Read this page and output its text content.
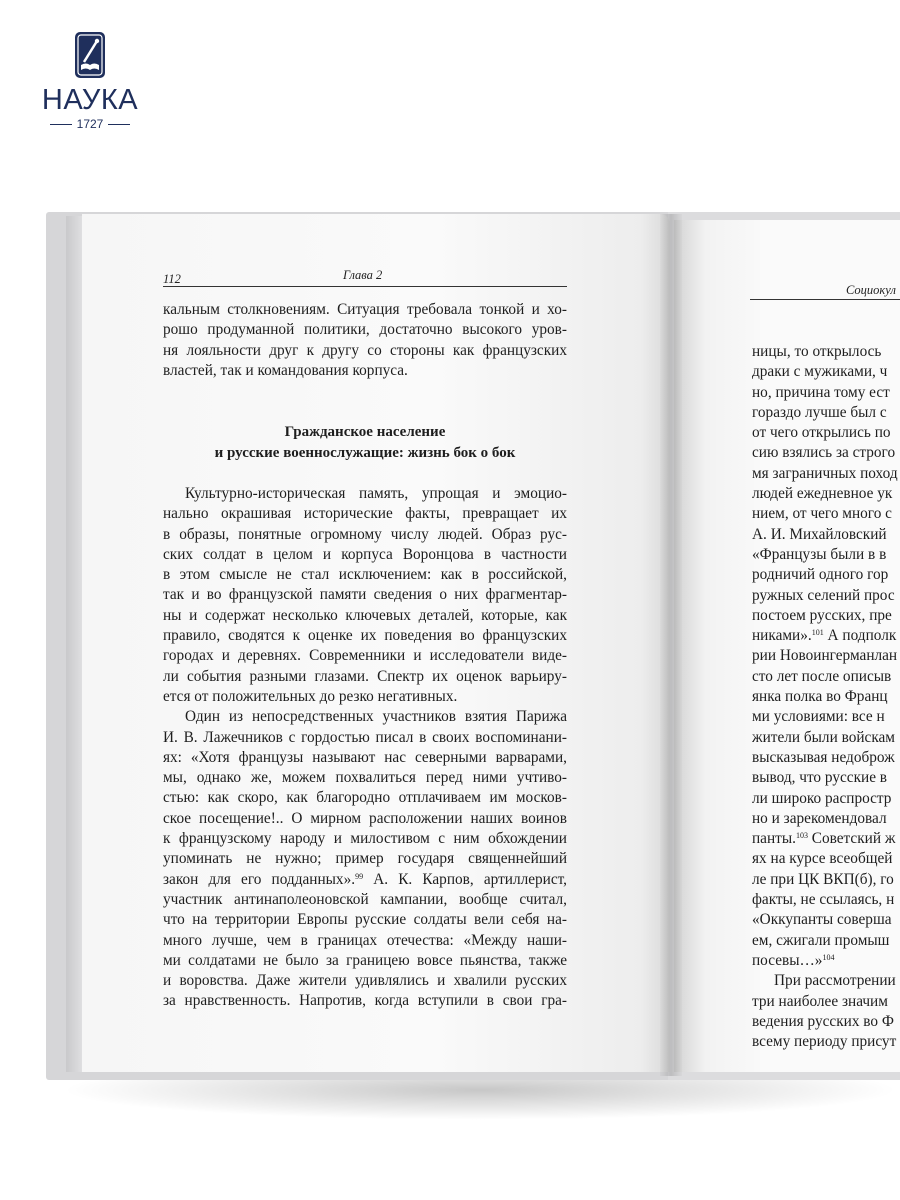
НАУКА
1727
112	Глава 2

кальным столкновениям. Ситуация требовала тонкой и хо-

рошо продуманной политики, достаточно высокого уров-

ня лояльности друг к другу со стороны как французских

властей, так и командования корпуса.

Гражданское население
и русские военнослужащие: жизнь бок о бок

Культурно-историческая память, упрощая и эмоцио-

нально окрашивая исторические факты, превращает их

в образы, понятные огромному числу людей. Образ рус-

ских солдат в целом и корпуса Воронцова в частности

в этом смысле не стал исключением: как в российской,

так и во французской памяти сведения о них фрагментар-

ны и содержат несколько ключевых деталей, которые, как

правило, сводятся к оценке их поведения во французских

городах и деревнях. Современники и исследователи виде-

ли события разными глазами. Спектр их оценок варьиру-

ется от положительных до резко негативных.

Один из непосредственных участников взятия Парижа

И. В. Лажечников с гордостью писал в своих воспоминани-

ях: «Хотя французы называют нас северными варварами,

мы, однако же, можем похвалиться перед ними учтиво-

стью: как скоро, как благородно отплачиваем им москов-

ское посещение!.. О мирном расположении наших воинов

к французскому народу и милостивом с ним обхождении

упоминать не нужно; пример государя священнейший

закон для его подданных».$^{99}$ А. К. Карпов, артиллерист,

участник антинаполеоновской кампании, вообще считал,

что на территории Европы русские солдаты вели себя на-

много лучше, чем в границах отечества: «Между наши-

ми солдатами не было за границею вовсе пьянства, также

и воровства. Даже жители удивлялись и хвалили русских

за нравственность. Напротив, когда вступили в свои гра-

Социокул
ницы, то открылось
драки с мужиками, ч
но, причина тому ест
гораздо лучше был с
от чего открылись по
сию взялись за строго
мя заграничных поход
людей ежедневное ук
нием, от чего много с
А. И. Михайловский
«Французы были в в
родничий одного гор
ружных селений прос
постоем русских, пре
никами».$^{101}$ А подполк
рии Новоингерманлан
сто лет после описыв
янка полка во Франц
ми условиями: все н
жители были войскам
высказывая недоброж
вывод, что русские в
ли широко распростр
но и зарекомендовал
панты.$^{103}$ Советский ж
ях на курсе всеобщей
ле при ЦК ВКП(б), го
факты, не ссылаясь, н
«Оккупанты соверша
ем, сжигали промыш
посевы…»$^{104}$
При рассмотрении
три наиболее значим
ведения русских во Ф
всему периоду присут
